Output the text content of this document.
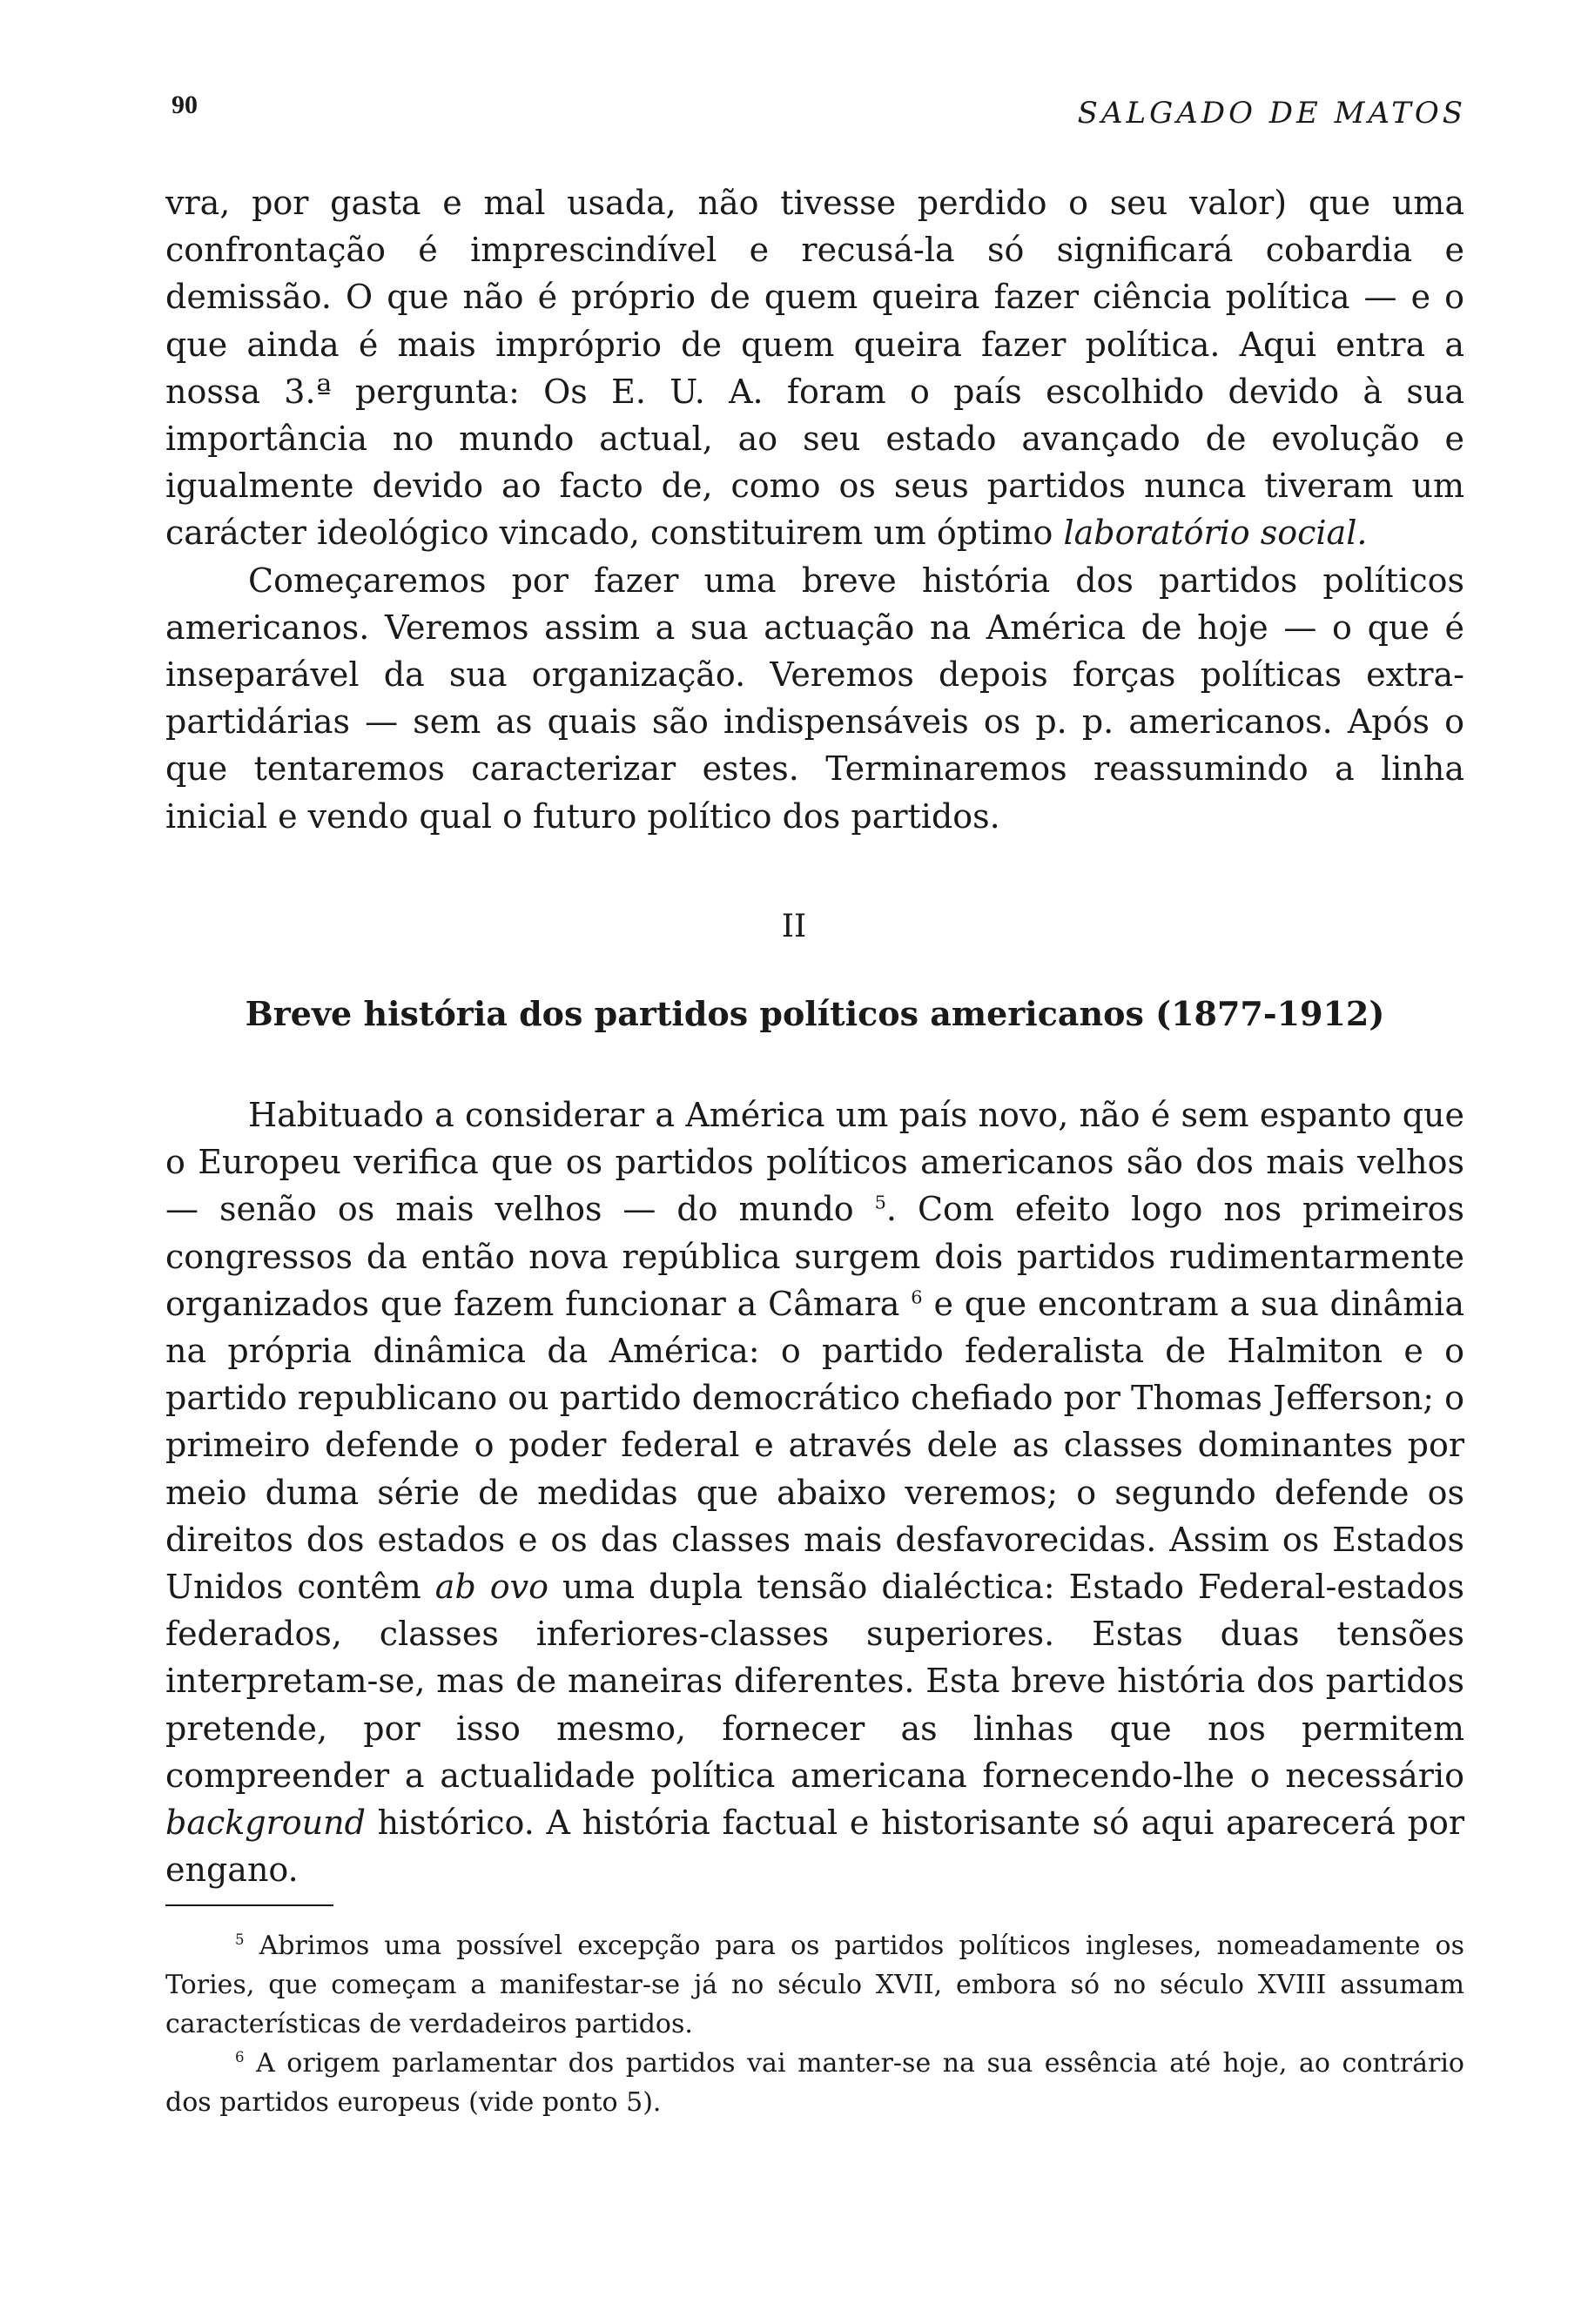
90	SALGADO DE MATOS

vra, por gasta e mal usada, não tivesse perdido o seu valor) que uma confrontação é imprescindível e recusá-la só significará cobardia e demissão. O que não é próprio de quem queira fazer ciência política — e o que ainda é mais impróprio de quem queira fazer política. Aqui entra a nossa 3.ª pergunta: Os E. U. A. foram o país escolhido devido à sua importância no mundo actual, ao seu estado avançado de evolução e igualmente devido ao facto de, como os seus partidos nunca tiveram um carácter ideológico vincado, constituirem um óptimo laboratório social.

Começaremos por fazer uma breve história dos partidos políticos americanos. Veremos assim a sua actuação na América de hoje — o que é inseparável da sua organização. Veremos depois forças políticas extra-partidárias — sem as quais são indispensáveis os p. p. americanos. Após o que tentaremos caracterizar estes. Terminaremos reassumindo a linha inicial e vendo qual o futuro político dos partidos.

II
Breve história dos partidos políticos americanos (1877-1912)

Habituado a considerar a América um país novo, não é sem espanto que o Europeu verifica que os partidos políticos americanos são dos mais velhos — senão os mais velhos — do mundo $^5$. Com efeito logo nos primeiros congressos da então nova república surgem dois partidos rudimentarmente organizados que fazem funcionar a Câmara $^6$ e que encontram a sua dinâmia na própria dinâmica da América: o partido federalista de Halmiton e o partido republicano ou partido democrático chefiado por Thomas Jefferson; o primeiro defende o poder federal e através dele as classes dominantes por meio duma série de medidas que abaixo veremos; o segundo defende os direitos dos estados e os das classes mais desfavorecidas. Assim os Estados Unidos contêm ab ovo uma dupla tensão dialéctica: Estado Federal-estados federados, classes inferiores-classes superiores. Estas duas tensões interpretam-se, mas de maneiras diferentes. Esta breve história dos partidos pretende, por isso mesmo, fornecer as linhas que nos permitem compreender a actualidade política americana fornecendo-lhe o necessário background histórico. A história factual e historisante só aqui aparecerá por engano.

$^5$ Abrimos uma possível excepção para os partidos políticos ingleses, nomeadamente os Tories, que começam a manifestar-se já no século XVII, embora só no século XVIII assumam características de verdadeiros partidos.

$^6$ A origem parlamentar dos partidos vai manter-se na sua essência até hoje, ao contrário dos partidos europeus (vide ponto 5).
